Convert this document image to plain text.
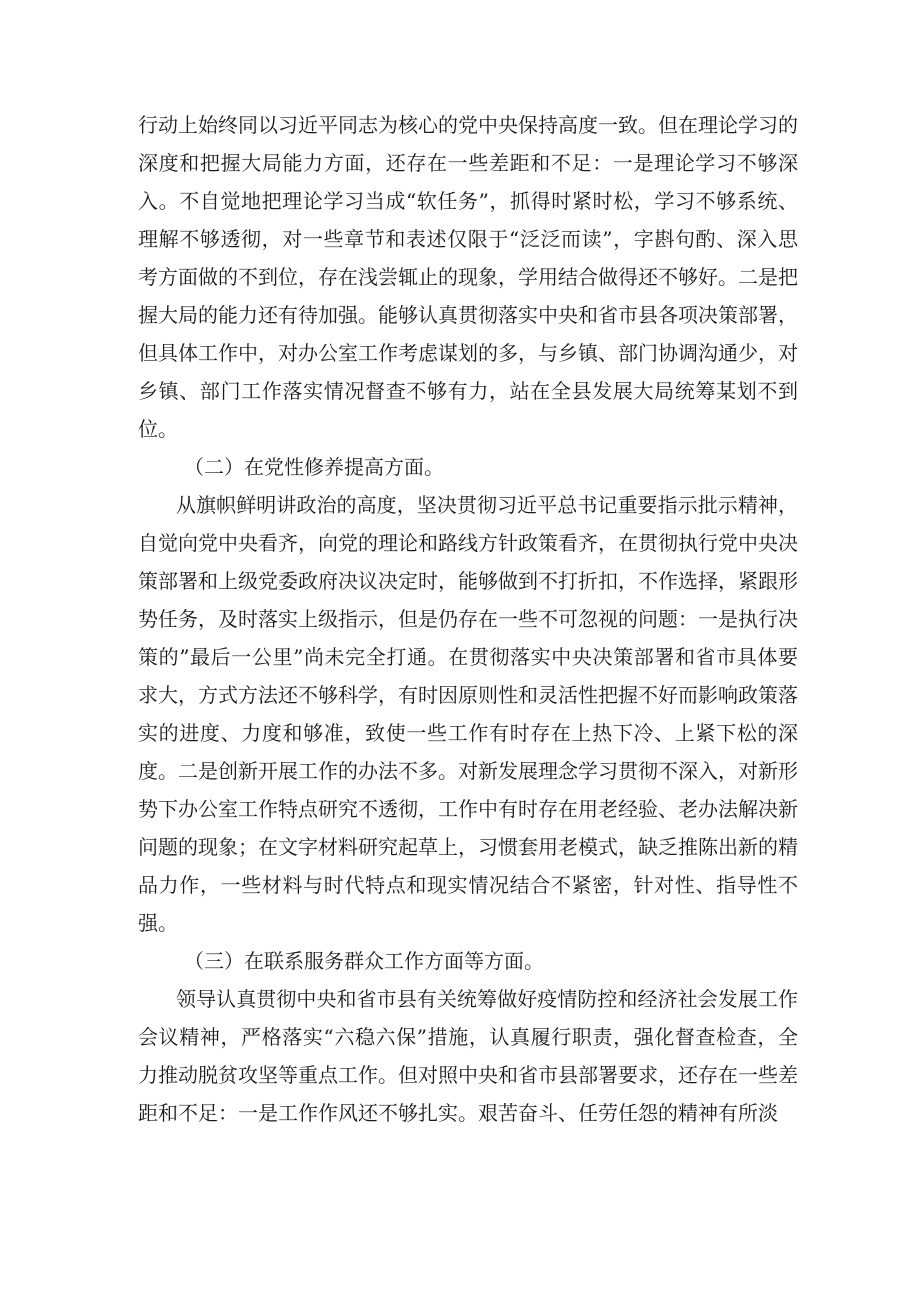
行动上始终同以习近平同志为核心的党中央保持高度一致。但在理论学习的深度和把握大局能力方面，还存在一些差距和不足：一是理论学习不够深入。不自觉地把理论学习当成“软任务”，抓得时紧时松，学习不够系统、理解不够透彻，对一些章节和表述仅限于“泛泛而读”，字斟句酌、深入思考方面做的不到位，存在浅尝辄止的现象，学用结合做得还不够好。二是把握大局的能力还有待加强。能够认真贯彻落实中央和省市县各项决策部署，但具体工作中，对办公室工作考虑谋划的多，与乡镇、部门协调沟通少，对乡镇、部门工作落实情况督查不够有力，站在全县发展大局统筹某划不到位。

（二）在党性修养提高方面。

从旗帜鲜明讲政治的高度，坚决贯彻习近平总书记重要指示批示精神，自觉向党中央看齐，向党的理论和路线方针政策看齐，在贯彻执行党中央决策部署和上级党委政府决议决定时，能够做到不打折扣，不作选择，紧跟形势任务，及时落实上级指示，但是仍存在一些不可忽视的问题：一是执行决策的”最后一公里”尚未完全打通。在贯彻落实中央决策部署和省市具体要求大，方式方法还不够科学，有时因原则性和灵活性把握不好而影响政策落实的进度、力度和够准，致使一些工作有时存在上热下冷、上紧下松的深度。二是创新开展工作的办法不多。对新发展理念学习贯彻不深入，对新形势下办公室工作特点研究不透彻，工作中有时存在用老经验、老办法解决新问题的现象；在文字材料研究起草上，习惯套用老模式，缺乏推陈出新的精品力作，一些材料与时代特点和现实情况结合不紧密，针对性、指导性不强。

（三）在联系服务群众工作方面等方面。

领导认真贯彻中央和省市县有关统筹做好疫情防控和经济社会发展工作会议精神，严格落实“六稳六保”措施，认真履行职责，强化督查检查，全力推动脱贫攻坚等重点工作。但对照中央和省市县部署要求，还存在一些差距和不足：一是工作作风还不够扎实。艰苦奋斗、任劳任怨的精神有所淡
